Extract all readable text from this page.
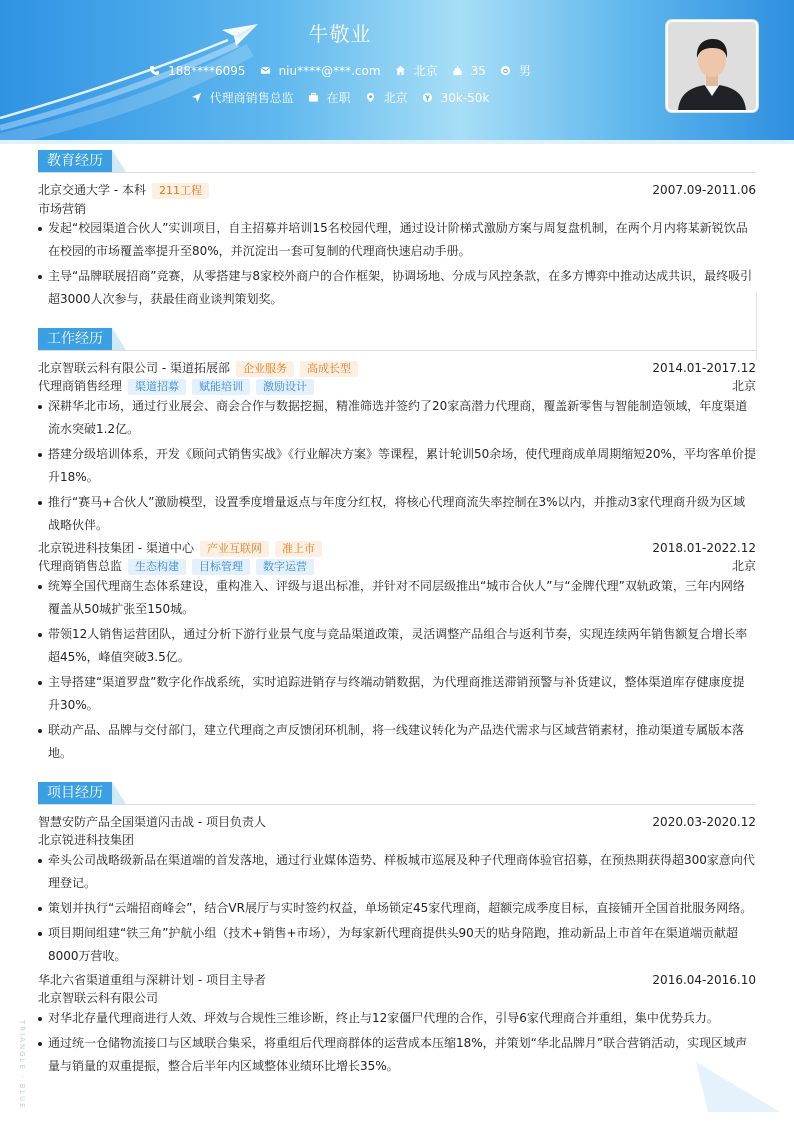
牛敬业
188****6095	niu****@***.com	北京	35	男
代理商销售总监	在职	北京	30k-50k
教育经历
北京交通大学 - 本科	211工程	2007.09-2011.06
市场营销
发起“校园渠道合伙人”实训项目，自主招募并培训15名校园代理，通过设计阶梯式激励方案与周复盘机制，在两个月内将某新锐饮品在校园的市场覆盖率提升至80%，并沉淀出一套可复制的代理商快速启动手册。
主导“品牌联展招商”竞赛，从零搭建与8家校外商户的合作框架，协调场地、分成与风控条款，在多方博弈中推动达成共识，最终吸引超3000人次参与，获最佳商业谈判策划奖。
工作经历
北京智联云科有限公司 - 渠道拓展部	企业服务	高成长型	2014.01-2017.12
代理商销售经理	渠道招募	赋能培训	激励设计	北京
深耕华北市场，通过行业展会、商会合作与数据挖掘，精准筛选并签约了20家高潜力代理商，覆盖新零售与智能制造领域，年度渠道流水突破1.2亿。
搭建分级培训体系，开发《顾问式销售实战》《行业解决方案》等课程，累计轮训50余场，使代理商成单周期缩短20%，平均客单价提升18%。
推行“赛马+合伙人”激励模型，设置季度增量返点与年度分红权，将核心代理商流失率控制在3%以内，并推动3家代理商升级为区域战略伙伴。
北京锐进科技集团 - 渠道中心	产业互联网	准上市	2018.01-2022.12
代理商销售总监	生态构建	目标管理	数字运营	北京
统筹全国代理商生态体系建设，重构准入、评级与退出标准，并针对不同层级推出“城市合伙人”与“金牌代理”双轨政策，三年内网络覆盖从50城扩张至150城。
带领12人销售运营团队，通过分析下游行业景气度与竞品渠道政策，灵活调整产品组合与返利节奏，实现连续两年销售额复合增长率超45%，峰值突破3.5亿。
主导搭建“渠道罗盘”数字化作战系统，实时追踪进销存与终端动销数据，为代理商推送滞销预警与补货建议，整体渠道库存健康度提升30%。
联动产品、品牌与交付部门，建立代理商之声反馈闭环机制，将一线建议转化为产品迭代需求与区域营销素材，推动渠道专属版本落地。
项目经历
智慧安防产品全国渠道闪击战 - 项目负责人	2020.03-2020.12
北京锐进科技集团
牵头公司战略级新品在渠道端的首发落地，通过行业媒体造势、样板城市巡展及种子代理商体验官招募，在预热期获得超300家意向代理登记。
策划并执行“云端招商峰会”，结合VR展厅与实时签约权益，单场锁定45家代理商，超额完成季度目标，直接铺开全国首批服务网络。
项目期间组建“铁三角”护航小组（技术+销售+市场），为每家新代理商提供头90天的贴身陪跑，推动新品上市首年在渠道端贡献超8000万营收。
华北六省渠道重组与深耕计划 - 项目主导者	2016.04-2016.10
北京智联云科有限公司
对华北存量代理商进行人效、坪效与合规性三维诊断，终止与12家僵尸代理的合作，引导6家代理商合并重组，集中优势兵力。
通过统一仓储物流接口与区域联合集采，将重组后代理商群体的运营成本压缩18%，并策划“华北品牌月”联合营销活动，实现区域声量与销量的双重提振，整合后半年内区域整体业绩环比增长35%。
TRIANGLE · BLUE
